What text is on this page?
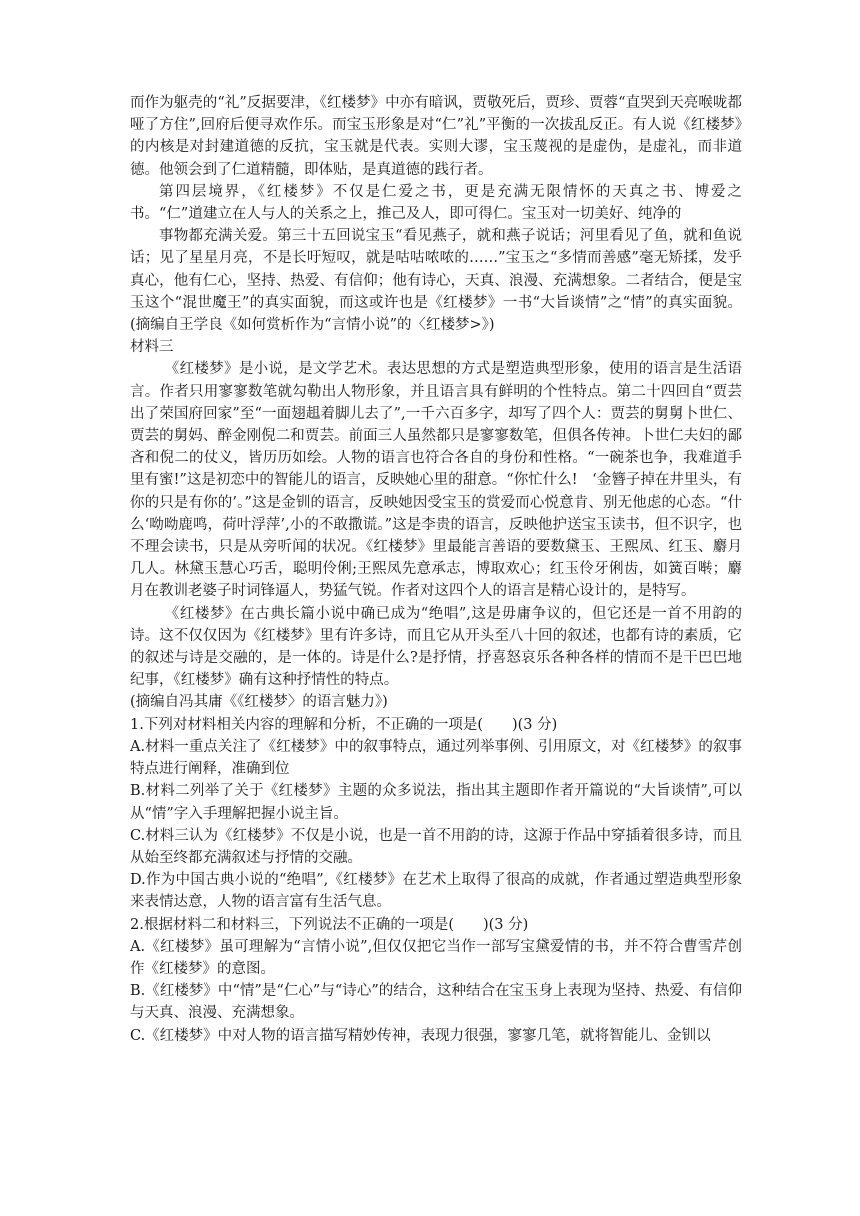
而作为躯壳的“礼”反据要津，《红楼梦》中亦有暗讽，贾敬死后，贾珍、贾蓉“直哭到天亮喉咙都哑了方住”,回府后便寻欢作乐。而宝玉形象是对“仁”礼”平衡的一次拔乱反正。有人说《红楼梦》的内核是对封建道德的反抗，宝玉就是代表。实则大谬，宝玉蔑视的是虚伪，是虚礼，而非道德。他领会到了仁道精髓，即体贴，是真道德的践行者。

第四层境界，《红楼梦》不仅是仁爱之书，更是充满无限情怀的天真之书、博爱之书。“仁”道建立在人与人的关系之上，推己及人，即可得仁。宝玉对一切美好、纯净的

事物都充满关爱。第三十五回说宝玉“看见燕子，就和燕子说话；河里看见了鱼，就和鱼说话；见了星星月亮，不是长吁短叹，就是咕咕哝哝的……”宝玉之“多情而善感”毫无矫揉，发乎真心，他有仁心，坚持、热爱、有信仰；他有诗心，天真、浪漫、充满想象。二者结合，便是宝玉这个“混世魔王”的真实面貌，而这或许也是《红楼梦》一书“大旨谈情”之“情”的真实面貌。(摘编自王学良《如何赏析作为“言情小说”的〈红楼梦>》)

材料三

《红楼梦》是小说，是文学艺术。表达思想的方式是塑造典型形象，使用的语言是生活语言。作者只用寥寥数笔就勾勒出人物形象，并且语言具有鲜明的个性特点。第二十四回自“贾芸出了荣国府回家”至“一面翅趄着脚儿去了”,一千六百多字，却写了四个人：贾芸的舅舅卜世仁、贾芸的舅妈、醉金刚倪二和贾芸。前面三人虽然都只是寥寥数笔，但俱各传神。卜世仁夫妇的鄙吝和倪二的仗义，皆历历如绘。人物的语言也符合各自的身份和性格。“一碗茶也争，我难道手里有蜜!”这是初恋中的智能儿的语言，反映她心里的甜意。“你忙什么!　‘金簪子掉在井里头，有你的只是有你的’。”这是金钏的语言，反映她因受宝玉的赏爱而心悦意肯、别无他虑的心态。“什么‘呦呦鹿鸣，荷叶浮萍’,小的不敢撒谎。”这是李贵的语言，反映他护送宝玉读书，但不识字，也不理会读书，只是从旁听闻的状况。《红楼梦》里最能言善语的要数黛玉、王熙凤、红玉、麝月几人。林黛玉慧心巧舌，聪明伶俐;王熙凤先意承志，博取欢心；红玉伶牙俐齿，如簧百啭；麝月在教训老婆子时词锋逼人，势猛气锐。作者对这四个人的语言是精心设计的，是特写。

《红楼梦》在古典长篇小说中确已成为“绝唱”,这是毋庸争议的，但它还是一首不用韵的诗。这不仅仅因为《红楼梦》里有许多诗，而且它从开头至八十回的叙述，也都有诗的素质，它的叙述与诗是交融的，是一体的。诗是什么?是抒情，抒喜怒哀乐各种各样的情而不是干巴巴地纪事，《红楼梦》确有这种抒情性的特点。

(摘编自冯其庸《《红楼梦〉的语言魅力》)

1.下列对材料相关内容的理解和分析，不正确的一项是(　　)(3 分)

A.材料一重点关注了《红楼梦》中的叙事特点，通过列举事例、引用原文，对《红楼梦》的叙事特点进行阐释，准确到位

B.材料二列举了关于《红楼梦》主题的众多说法，指出其主题即作者开篇说的“大旨谈情”,可以从“情”字入手理解把握小说主旨。

C.材料三认为《红楼梦》不仅是小说，也是一首不用韵的诗，这源于作品中穿插着很多诗，而且从始至终都充满叙述与抒情的交融。

D.作为中国古典小说的“绝唱”,《红楼梦》在艺术上取得了很高的成就，作者通过塑造典型形象来表情达意，人物的语言富有生活气息。

2.根据材料二和材料三，下列说法不正确的一项是(　　)(3 分)

A.《红楼梦》虽可理解为“言情小说”,但仅仅把它当作一部写宝黛爱情的书，并不符合曹雪芹创作《红楼梦》的意图。

B.《红楼梦》中“情”是“仁心”与“诗心”的结合，这种结合在宝玉身上表现为坚持、热爱、有信仰与天真、浪漫、充满想象。

C.《红楼梦》中对人物的语言描写精妙传神，表现力很强，寥寥几笔，就将智能儿、金钏以
